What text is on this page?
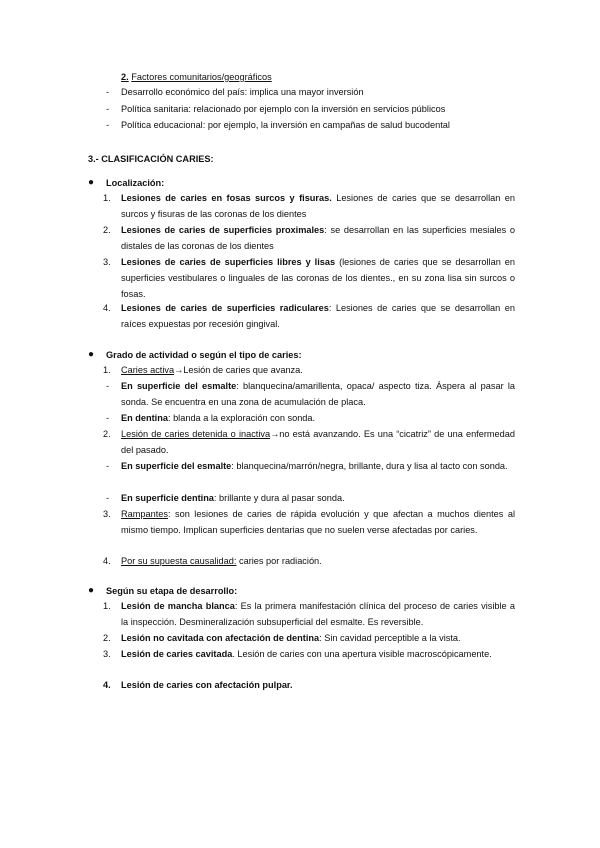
2. Factores comunitarios/geográficos
- Desarrollo económico del país: implica una mayor inversión
- Política sanitaria: relacionado por ejemplo con la inversión en servicios públicos
- Política educacional: por ejemplo, la inversión en campañas de salud bucodental
3.- CLASIFICACIÓN CARIES:
● Localización:
1. Lesiones de caries en fosas surcos y fisuras. Lesiones de caries que se desarrollan en surcos y fisuras de las coronas de los dientes
2. Lesiones de caries de superficies proximales: se desarrollan en las superficies mesiales o distales de las coronas de los dientes
3. Lesiones de caries de superficies libres y lisas (lesiones de caries que se desarrollan en superficies vestibulares o linguales de las coronas de los dientes., en su zona lisa sin surcos o fosas.
4. Lesiones de caries de superficies radiculares: Lesiones de caries que se desarrollan en raíces expuestas por recesión gingival.
● Grado de actividad o según el tipo de caries:
1. Caries activa→Lesión de caries que avanza.
- En superficie del esmalte: blanquecina/amarillenta, opaca/ aspecto tiza. Áspera al pasar la sonda. Se encuentra en una zona de acumulación de placa.
- En dentina: blanda a la exploración con sonda.
2. Lesión de caries detenida o inactiva→no está avanzando. Es una “cicatriz” de una enfermedad del pasado.
- En superficie del esmalte: blanquecina/marrón/negra, brillante, dura y lisa al tacto con sonda.
- En superficie dentina: brillante y dura al pasar sonda.
3. Rampantes: son lesiones de caries de rápida evolución y que afectan a muchos dientes al mismo tiempo. Implican superficies dentarias que no suelen verse afectadas por caries.
4. Por su supuesta causalidad: caries por radiación.
● Según su etapa de desarrollo:
1. Lesión de mancha blanca: Es la primera manifestación clínica del proceso de caries visible a la inspección. Desmineralización subsuperficial del esmalte. Es reversible.
2. Lesión no cavitada con afectación de dentina: Sin cavidad perceptible a la vista.
3. Lesión de caries cavitada. Lesión de caries con una apertura visible macroscópicamente.
4. Lesión de caries con afectación pulpar.
